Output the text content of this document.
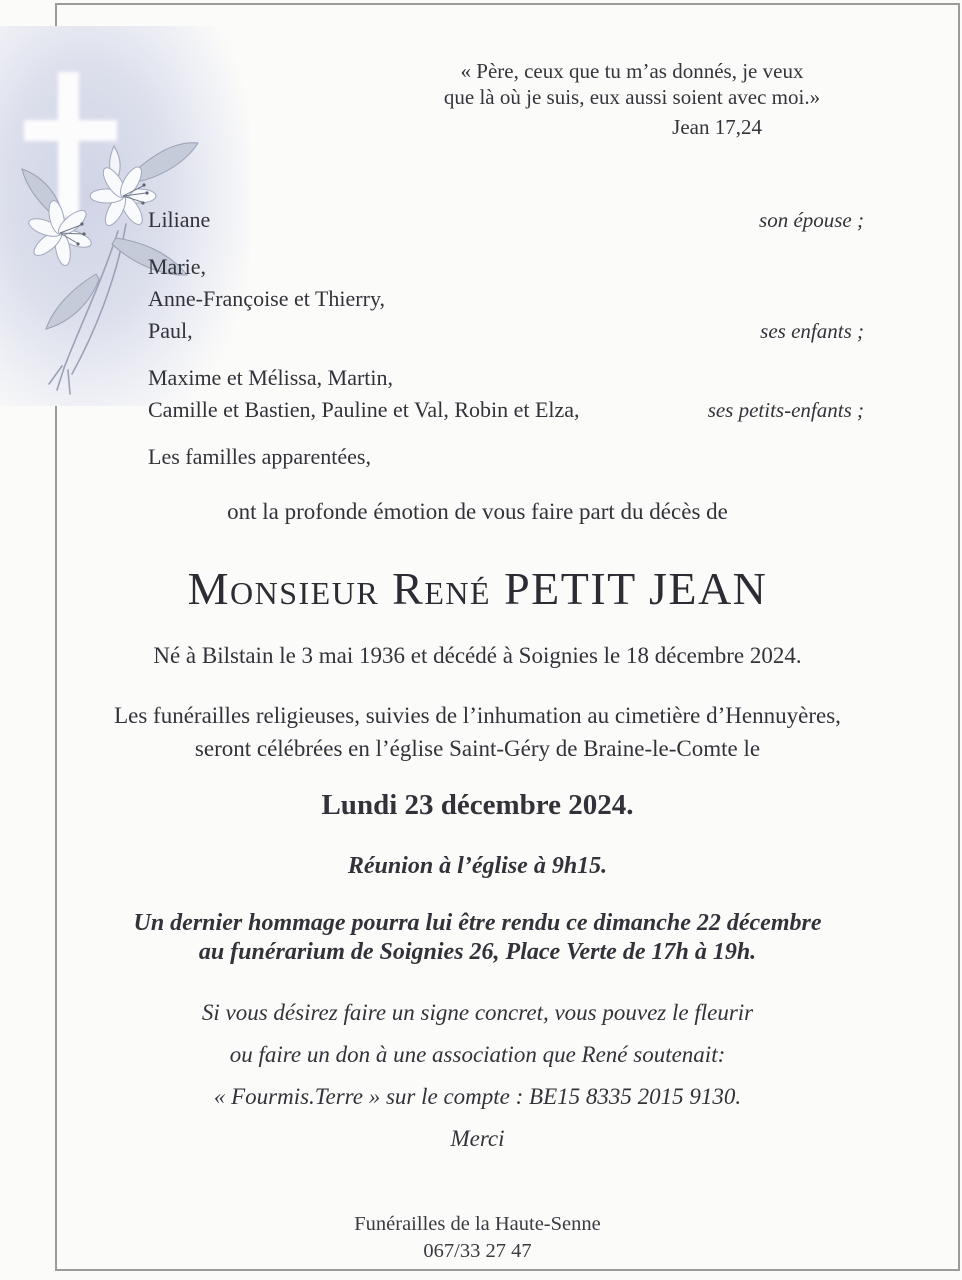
« Père, ceux que tu m’as donnés, je veux
que là où je suis, eux aussi soient avec moi.»
Jean 17,24
Liliane	son épouse ;
Marie,
Anne-Françoise et Thierry,
Paul,	ses enfants ;
Maxime et Mélissa, Martin,
Camille et Bastien, Pauline et Val, Robin et Elza,	ses petits-enfants ;
Les familles apparentées,
ont la profonde émotion de vous faire part du décès de
Monsieur René PETIT JEAN
Né à Bilstain le 3 mai 1936 et décédé à Soignies le 18 décembre 2024.
Les funérailles religieuses, suivies de l’inhumation au cimetière d’Hennuyères,
seront célébrées en l’église Saint-Géry de Braine-le-Comte le
Lundi 23 décembre 2024.
Réunion à l’église à 9h15.
Un dernier hommage pourra lui être rendu ce dimanche 22 décembre
au funérarium de Soignies 26, Place Verte de 17h à 19h.
Si vous désirez faire un signe concret, vous pouvez le fleurir
ou faire un don à une association que René soutenait:
« Fourmis.Terre » sur le compte : BE15 8335 2015 9130.
Merci
Funérailles de la Haute-Senne
067/33 27 47
